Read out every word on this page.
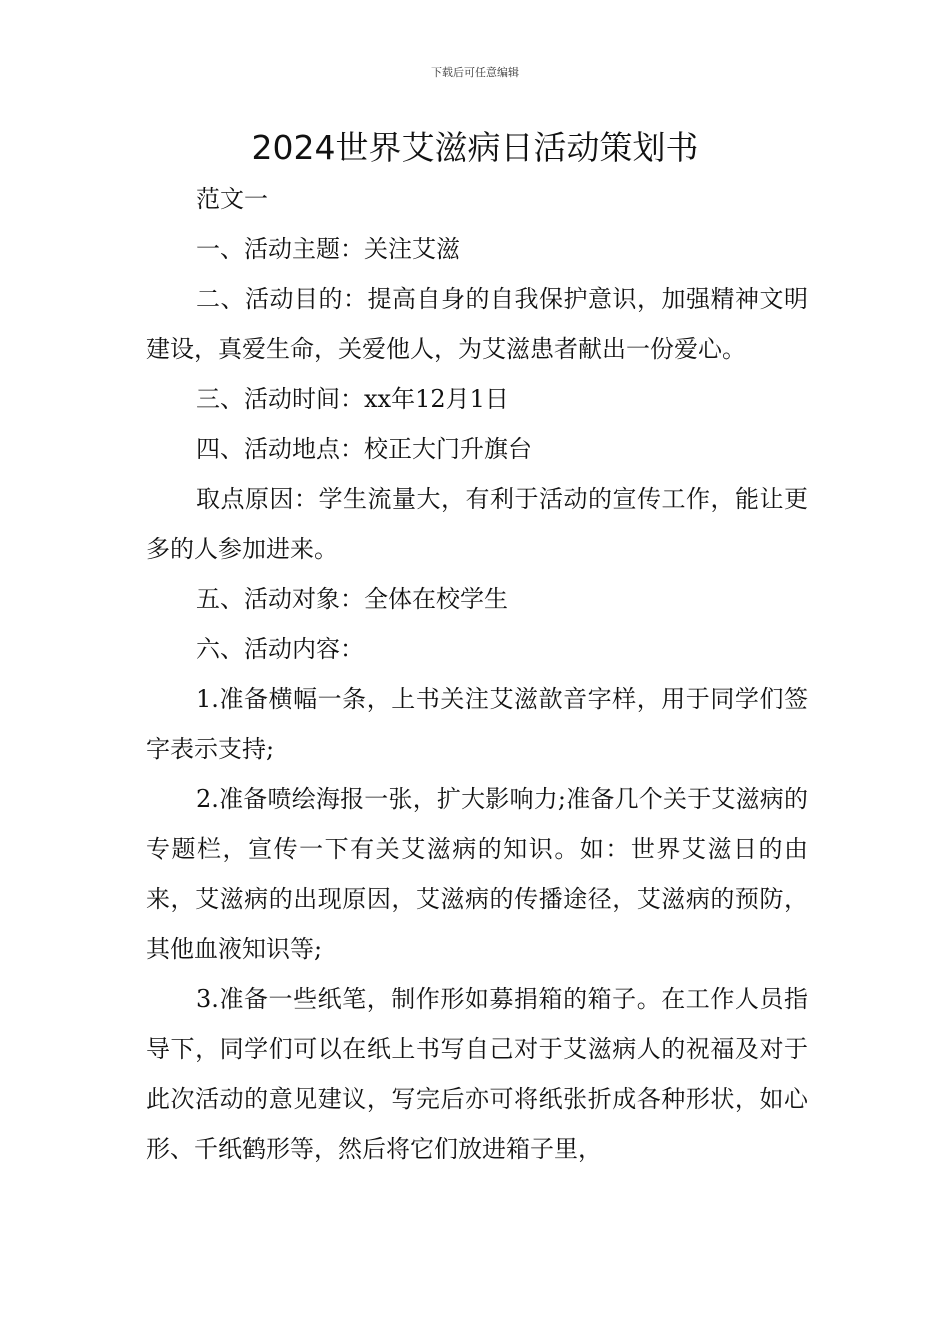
下载后可任意编辑
2024世界艾滋病日活动策划书

范文一

一、活动主题：关注艾滋

二、活动目的：提高自身的自我保护意识，加强精神文明建设，真爱生命，关爱他人，为艾滋患者献出一份爱心。

三、活动时间：xx年12月1日

四、活动地点：校正大门升旗台

取点原因：学生流量大，有利于活动的宣传工作，能让更多的人参加进来。

五、活动对象：全体在校学生

六、活动内容：

1.准备横幅一条，上书关注艾滋歆音字样，用于同学们签字表示支持;

2.准备喷绘海报一张，扩大影响力;准备几个关于艾滋病的专题栏，宣传一下有关艾滋病的知识。如：世界艾滋日的由来，艾滋病的出现原因，艾滋病的传播途径，艾滋病的预防，其他血液知识等;

3.准备一些纸笔，制作形如募捐箱的箱子。在工作人员指导下，同学们可以在纸上书写自己对于艾滋病人的祝福及对于此次活动的意见建议，写完后亦可将纸张折成各种形状，如心形、千纸鹤形等，然后将它们放进箱子里，
